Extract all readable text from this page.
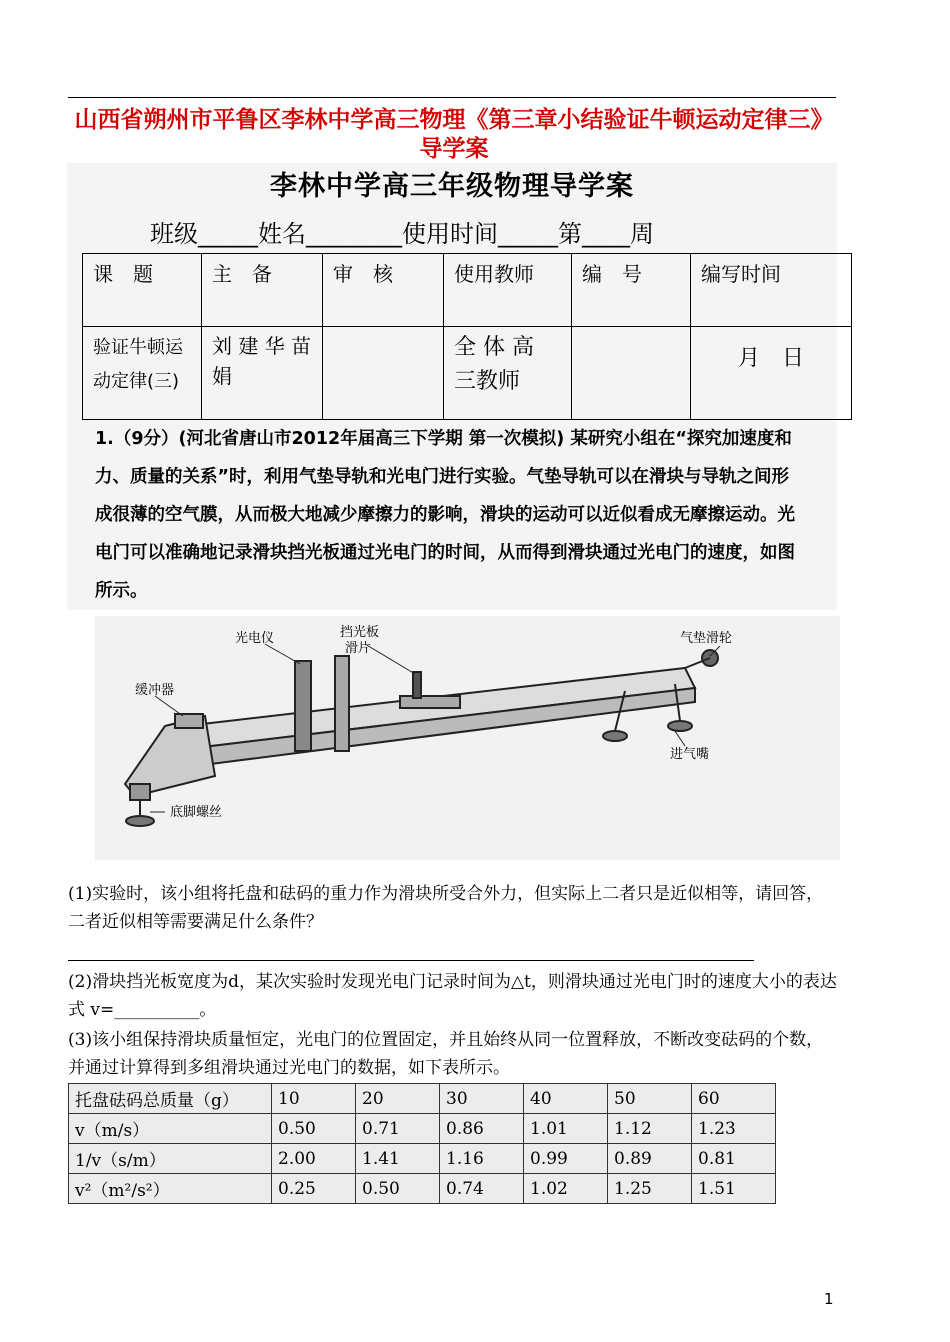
山西省朔州市平鲁区李林中学高三物理《第三章小结验证牛顿运动定律三》导学案
李林中学高三年级物理导学案
班级_____姓名________使用时间_____第____周
课　题	主　备	审　核	使用教师	编　号	编写时间
验证牛顿运动定律(三)	刘 建 华 苗娟		全 体 高 三教师		月　日
1.（9分）(河北省唐山市2012年届高三下学期 第一次模拟) 某研究小组在“探究加速度和力、质量的关系”时，利用气垫导轨和光电门进行实验。气垫导轨可以在滑块与导轨之间形成很薄的空气膜，从而极大地减少摩擦力的影响，滑块的运动可以近似看成无摩擦运动。光电门可以准确地记录滑块挡光板通过光电门的时间，从而得到滑块通过光电门的速度，如图所示。
光电仪	挡光板
滑片
气垫滑轮
缓冲器
进气嘴
底脚螺丝
(1)实验时，该小组将托盘和砝码的重力作为滑块所受合外力，但实际上二者只是近似相等，请回答，二者近似相等需要满足什么条件？
(2)滑块挡光板宽度为d，某次实验时发现光电门记录时间为△t，则滑块通过光电门时的速度大小的表达式 v=__________。
(3)该小组保持滑块质量恒定，光电门的位置固定，并且始终从同一位置释放，不断改变砝码的个数，并通过计算得到多组滑块通过光电门的数据，如下表所示。
托盘砝码总质量（g）	10	20	30	40	50	60
v（m/s）	0.50	0.71	0.86	1.01	1.12	1.23
1/v（s/m）	2.00	1.41	1.16	0.99	0.89	0.81
v²（m²/s²）	0.25	0.50	0.74	1.02	1.25	1.51
1
